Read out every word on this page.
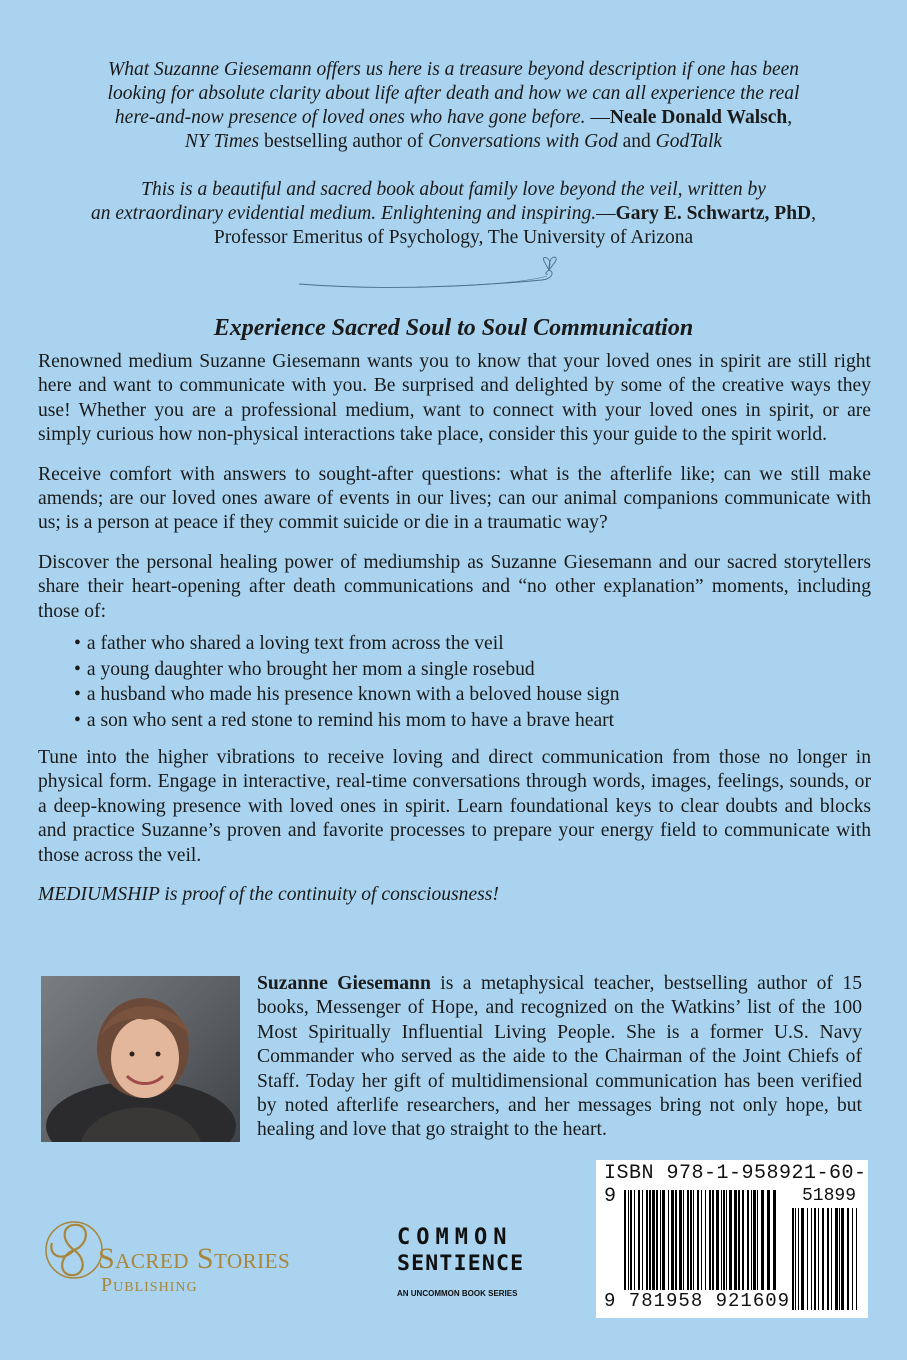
What Suzanne Giesemann offers us here is a treasure beyond description if one has been
looking for absolute clarity about life after death and how we can all experience the real
here-and-now presence of loved ones who have gone before. —Neale Donald Walsch,
NY Times bestselling author of Conversations with God and GodTalk
This is a beautiful and sacred book about family love beyond the veil, written by
an extraordinary evidential medium. Enlightening and inspiring.—Gary E. Schwartz, PhD,
Professor Emeritus of Psychology, The University of Arizona
Experience Sacred Soul to Soul Communication

Renowned medium Suzanne Giesemann wants you to know that your loved ones in spirit are still right here and want to communicate with you. Be surprised and delighted by some of the creative ways they use! Whether you are a professional medium, want to connect with your loved ones in spirit, or are simply curious how non-physical interactions take place, consider this your guide to the spirit world.

Receive comfort with answers to sought-after questions: what is the afterlife like; can we still make amends; are our loved ones aware of events in our lives; can our animal companions communicate with us; is a person at peace if they commit suicide or die in a traumatic way?

Discover the personal healing power of mediumship as Suzanne Giesemann and our sacred storytellers share their heart-opening after death communications and “no other explanation” moments, including those of:

• a father who shared a loving text from across the veil
• a young daughter who brought her mom a single rosebud
• a husband who made his presence known with a beloved house sign
• a son who sent a red stone to remind his mom to have a brave heart

Tune into the higher vibrations to receive loving and direct communication from those no longer in physical form. Engage in interactive, real-time conversations through words, images, feelings, sounds, or a deep-knowing presence with loved ones in spirit. Learn foundational keys to clear doubts and blocks and practice Suzanne’s proven and favorite processes to prepare your energy field to communicate with those across the veil.

MEDIUMSHIP is proof of the continuity of consciousness!

Suzanne Giesemann is a metaphysical teacher, bestselling author of 15 books, Messenger of Hope, and recognized on the Watkins’ list of the 100 Most Spiritually Influential Living People. She is a former U.S. Navy Commander who served as the aide to the Chairman of the Joint Chiefs of Staff. Today her gift of multidimensional communication has been verified by noted afterlife researchers, and her messages bring not only hope, but healing and love that go straight to the heart.
ISBN 978-1-958921-60-9	51899
9 781958 921609
Sacred Stories
Publishing
COMMON
SENTIENCE
AN UNCOMMON BOOK SERIES
